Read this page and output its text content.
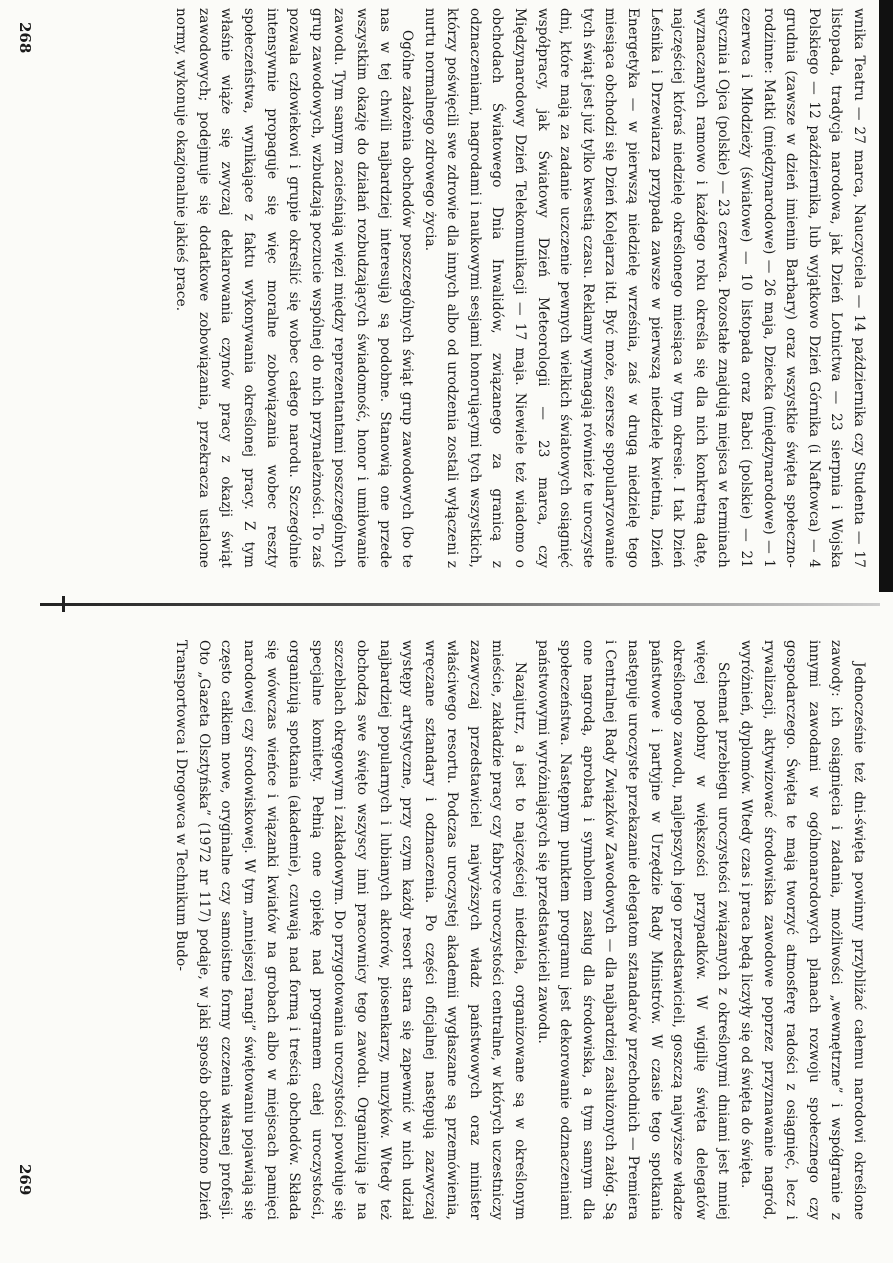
wnika Teatru — 27 marca, Nauczyciela — 14 października czy Studenta — 17 listopada, tradycja narodowa, jak Dzień Lotnictwa — 23 sierpnia i Wojska Polskiego — 12 października, lub wyjątkowo Dzień Górnika (i Naftowca) — 4 grudnia (zawsze w dzień imienin Barbary) oraz wszystkie święta społeczno-rodzinne: Matki (międzynarodowe) — 26 maja, Dziecka (międzynarodowe) — 1 czerwca i Młodzieży (światowe) — 10 listopada oraz Babci (polskie) — 21 stycznia i Ojca (polskie) — 23 czerwca. Pozostałe znajdują miejsca w terminach wyznaczanych ramowo i każdego roku określa się dla nich konkretną datę, najczęściej któraś niedzielę określonego miesiąca w tym okresie. I tak Dzień Leśnika i Drzewiarza przypada zawsze w pierwszą niedzielę kwietnia, Dzień Energetyka — w pierwszą niedzielę września, zaś w drugą niedzielę tego miesiąca obchodzi się Dzień Kolejarza itd. Być może, szersze spopularyzowanie tych świąt jest już tylko kwestią czasu. Reklamy wymagają również te uroczyste dni, które mają za zadanie uczczenie pewnych wielkich światowych osiągnięć współpracy, jak Światowy Dzień Meteorologii — 23 marca, czy Międzynarodowy Dzień Telekomunikacji — 17 maja. Niewiele też wiadomo o obchodach Światowego Dnia Inwalidów, związanego za granicą z odznaczeniami, nagrodami i naukowymi sesjami honorującymi tych wszystkich, którzy poświęcili swe zdrowie dla innych albo od urodzenia zostali wyłączeni z nurtu normalnego zdrowego życia.

Ogólne założenia obchodów poszczególnych świąt grup zawodowych (bo te nas w tej chwili najbardziej interesują) są podobne. Stanowią one przede wszystkim okazję do działań rozbudzających świadomość, honor i umiłowanie zawodu. Tym samym zacieśniają więzi między reprezentantami poszczególnych grup zawodowych, wzbudzają poczucie wspólnej do nich przynależności. To zaś pozwala człowiekowi i grupie określić się wobec całego narodu. Szczególnie intensywnie propaguje się więc moralne zobowiązania wobec reszty społeczeństwa, wynikające z faktu wykonywania określonej pracy. Z tym właśnie wiąże się zwyczaj deklarowania czynów pracy z okazji świąt zawodowych; podejmuje się dodatkowe zobowiązania, przekracza ustalone normy, wykonuje okazjonalnie jakieś prace.

Jednocześnie też dni-święta powinny przybliżać całemu narodowi określone zawody: ich osiągnięcia i zadania, możliwości „wewnętrzne” i współgranie z innymi zawodami w ogólnonarodowych planach rozwoju społecznego czy gospodarczego. Święta te mają tworzyć atmosferę radości z osiągnięć, lecz i rywalizacji, aktywizować środowiska zawodowe poprzez przyznawanie nagród, wyróżnień, dyplomów. Wtedy czas i praca będą liczyły się od święta do święta.

Schemat przebiegu uroczystości związanych z określonymi dniami jest mniej więcej podobny w większości przypadków. W wigilię święta delegatów określonego zawodu, najlepszych jego przedstawicieli, goszczą najwyższe władze państwowe i partyjne w Urzędzie Rady Ministrów. W czasie tego spotkania następuje uroczyste przekazanie delegatom sztandarów przechodnich — Premiera i Centralnej Rady Związków Zawodowych — dla najbardziej zasłużonych załóg. Są one nagrodą, aprobatą i symbolem zasług dla środowiska, a tym samym dla społeczeństwa. Następnym punktem programu jest dekorowanie odznaczeniami państwowymi wyróżniających się przedstawicieli zawodu.

Nazajutrz, a jest to najczęściej niedziela, organizowane są w określonym mieście, zakładzie pracy czy fabryce uroczystości centralne, w których uczestniczy zazwyczaj przedstawiciel najwyższych władz państwowych oraz minister właściwego resortu. Podczas uroczystej akademii wygłaszane są przemówienia, wręczane sztandary i odznaczenia. Po części oficjalnej następują zazwyczaj występy artystyczne, przy czym każdy resort stara się zapewnić w nich udział najbardziej popularnych i lubianych aktorów, piosenkarzy, muzyków. Wtedy też obchodzą swe święto wszyscy inni pracownicy tego zawodu. Organizują je na szczeblach okręgowym i zakładowym. Do przygotowania uroczystości powołuje się specjalne komitety. Pełnią one opiekę nad programem całej uroczystości, organizują spotkania (akademie), czuwają nad formą i treścią obchodów. Składa się wówczas wieńce i wiązanki kwiatów na grobach albo w miejscach pamięci narodowej czy środowiskowej. W tym „mniejszej rangi” świętowaniu pojawiają się często całkiem nowe, oryginalne czy samoistne formy czczenia własnej profesji. Oto „Gazeta Olsztyńska” (1972 nr 117) podaje, w jaki sposób obchodzono Dzień Transportowca i Drogowca w Technikum Budo-

268
269
